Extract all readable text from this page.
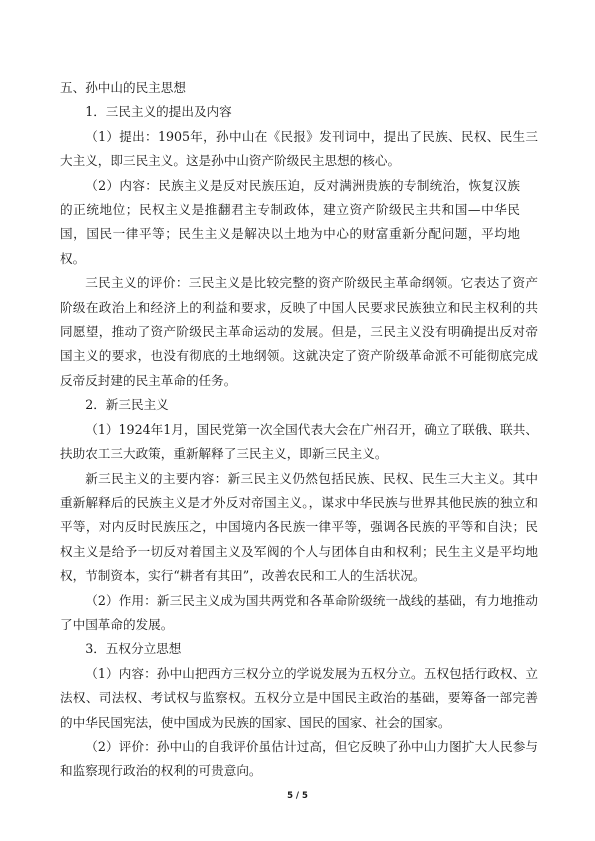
五、孙中山的民主思想

1．三民主义的提出及内容

（1）提出：1905年，孙中山在《民报》发刊词中，提出了民族、民权、民生三大主义，即三民主义。这是孙中山资产阶级民主思想的核心。

（2）内容：民族主义是反对民族压迫，反对满洲贵族的专制统治，恢复汉族的正统地位；民权主义是推翻君主专制政体，建立资产阶级民主共和国—中华民国，国民一律平等；民生主义是解决以土地为中心的财富重新分配问题，平均地权。

三民主义的评价：三民主义是比较完整的资产阶级民主革命纲领。它表达了资产阶级在政治上和经济上的利益和要求，反映了中国人民要求民族独立和民主权利的共同愿望，推动了资产阶级民主革命运动的发展。但是，三民主义没有明确提出反对帝国主义的要求，也没有彻底的土地纲领。这就决定了资产阶级革命派不可能彻底完成反帝反封建的民主革命的任务。

2．新三民主义

（1）1924年1月，国民党第一次全国代表大会在广州召开，确立了联俄、联共、扶助农工三大政策，重新解释了三民主义，即新三民主义。

新三民主义的主要内容：新三民主义仍然包括民族、民权、民生三大主义。其中重新解释后的民族主义是才外反对帝国主义。，谋求中华民族与世界其他民族的独立和平等，对内反时民族压之，中国境内各民族一律平等，强调各民族的平等和自決；民权主义是给予一切反对着国主义及军阀的个人与团体自由和权利；民生主义是平均地权，节制资本，实行“耕者有其田”，改善农民和工人的生活状况。

（2）作用：新三民主义成为国共两党和各革命阶级统一战线的基础，有力地推动了中国革命的发展。

3．五权分立思想

（1）内容：孙中山把西方三权分立的学说发展为五权分立。五权包括行政权、立法权、司法权、考试权与监察权。五权分立是中国民主政治的基础，要筹备一部完善的中华民国宪法，使中国成为民族的国家、国民的国家、社会的国家。

（2）评价：孙中山的自我评价虽估计过高，但它反映了孙中山力图扩大人民参与和监察现行政治的权利的可贵意向。

5 / 5
